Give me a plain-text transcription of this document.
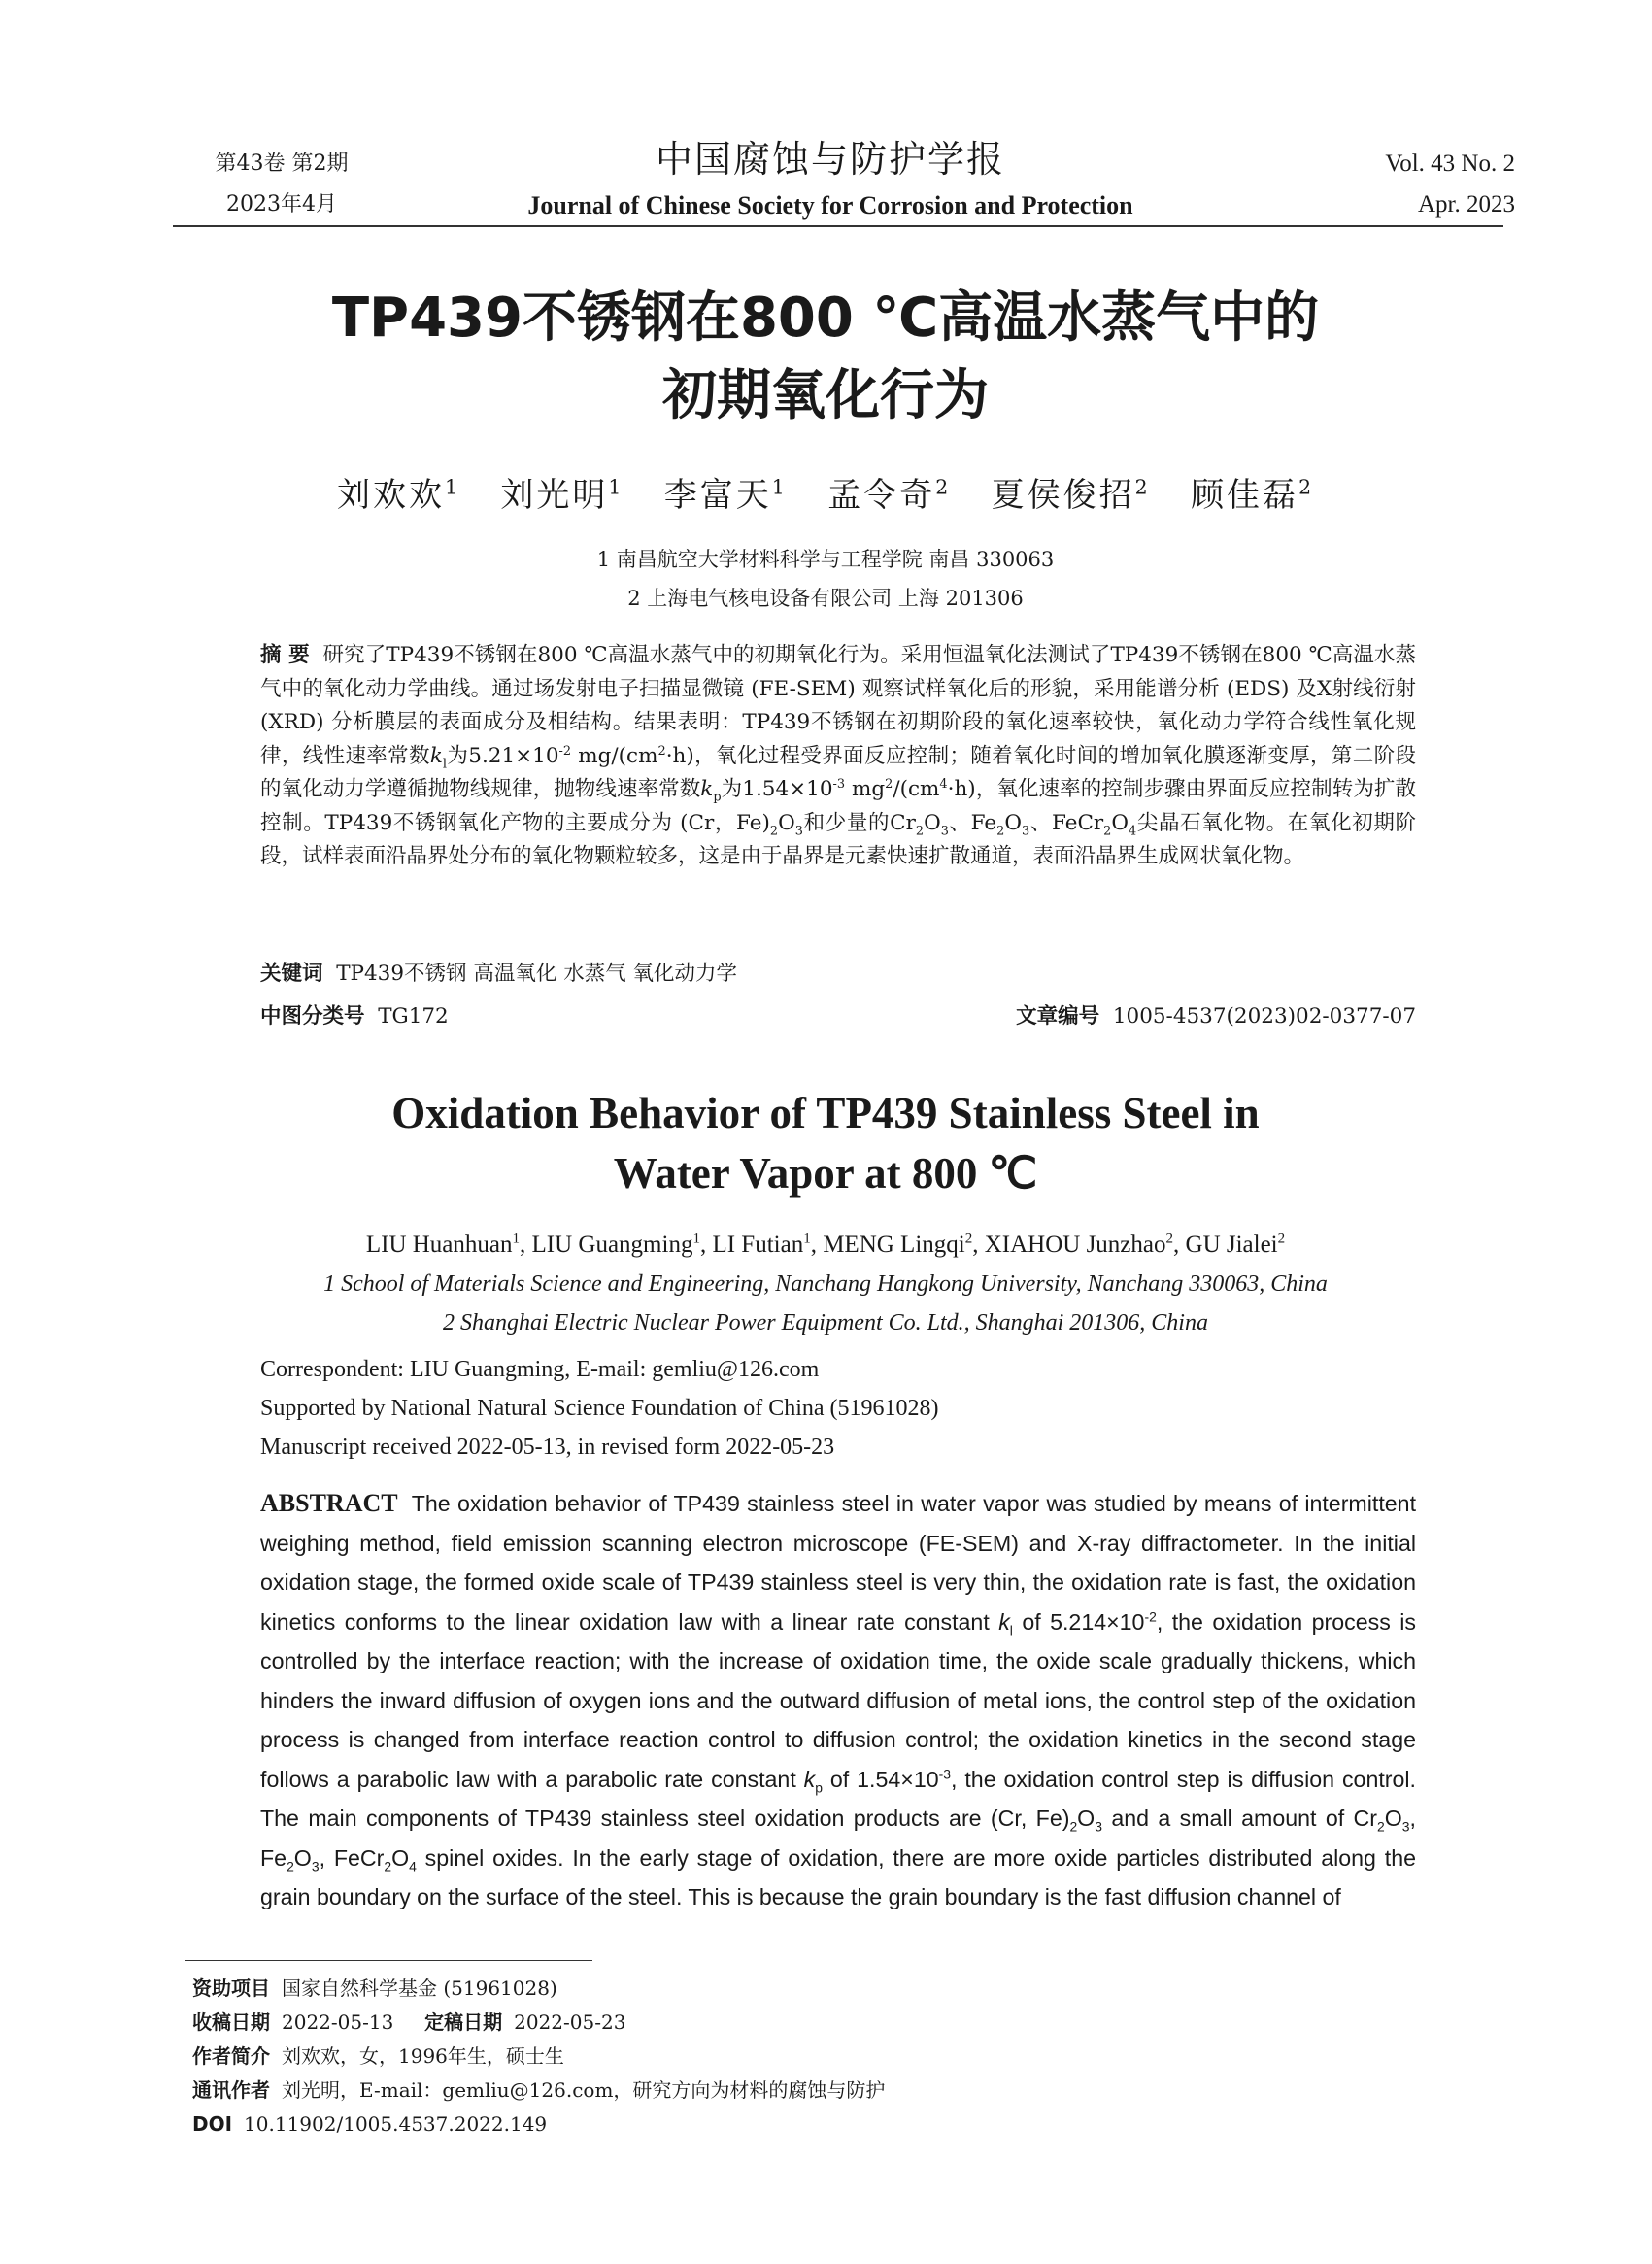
第43卷 第2期
2023年4月
中国腐蚀与防护学报
Journal of Chinese Society for Corrosion and Protection
Vol. 43 No. 2
Apr. 2023
TP439不锈钢在800 ℃高温水蒸气中的
初期氧化行为
刘欢欢$^1$ 刘光明$^1$ 李富天$^1$ 孟令奇$^2$ 夏侯俊招$^2$ 顾佳磊$^2$
1 南昌航空大学材料科学与工程学院 南昌 330063
2 上海电气核电设备有限公司 上海 201306
摘 要 研究了TP439不锈钢在800 ℃高温水蒸气中的初期氧化行为。采用恒温氧化法测试了TP439不锈钢在800 ℃高温水蒸气中的氧化动力学曲线。通过场发射电子扫描显微镜 (FE-SEM) 观察试样氧化后的形貌，采用能谱分析 (EDS) 及X射线衍射 (XRD) 分析膜层的表面成分及相结构。结果表明：TP439不锈钢在初期阶段的氧化速率较快，氧化动力学符合线性氧化规律，线性速率常数$k_l$为$5.21\times 10^{-2}$ $mg/(cm^2\cdot h)$，氧化过程受界面反应控制；随着氧化时间的增加氧化膜逐渐变厚，第二阶段的氧化动力学遵循抛物线规律，抛物线速率常数$k_p$为$1.54\times 10^{-3}$ $mg^2/(cm^4\cdot h)$，氧化速率的控制步骤由界面反应控制转为扩散控制。TP439不锈钢氧化产物的主要成分为 (Cr，$Fe)_2O_3$和少量的$Cr_2O_3$、$Fe_2O_3$、$FeCr_2O_4$尖晶石氧化物。在氧化初期阶段，试样表面沿晶界处分布的氧化物颗粒较多，这是由于晶界是元素快速扩散通道，表面沿晶界生成网状氧化物。
关键词 TP439不锈钢 高温氧化 水蒸气 氧化动力学
中图分类号 TG172	文章编号 1005-4537(2023)02-0377-07
Oxidation Behavior of TP439 Stainless Steel in
Water Vapor at 800 ℃
LIU Huanhuan$^1$, LIU Guangming$^1$, LI Futian$^1$, MENG Lingqi$^2$, XIAHOU Junzhao$^2$, GU Jialei$^2$
1 School of Materials Science and Engineering, Nanchang Hangkong University, Nanchang 330063, China
2 Shanghai Electric Nuclear Power Equipment Co. Ltd., Shanghai 201306, China
Correspondent: LIU Guangming, E-mail: gemliu@126.com
Supported by National Natural Science Foundation of China (51961028)
Manuscript received 2022-05-13, in revised form 2022-05-23
ABSTRACT The oxidation behavior of TP439 stainless steel in water vapor was studied by means of intermittent weighing method, field emission scanning electron microscope (FE-SEM) and X-ray diffractometer. In the initial oxidation stage, the formed oxide scale of TP439 stainless steel is very thin, the oxidation rate is fast, the oxidation kinetics conforms to the linear oxidation law with a linear rate constant $k_l$ of $5.214\times 10^{-2}$, the oxidation process is controlled by the interface reaction; with the increase of oxidation time, the oxide scale gradually thickens, which hinders the inward diffusion of oxygen ions and the outward diffusion of metal ions, the control step of the oxidation process is changed from interface reaction control to diffusion control; the oxidation kinetics in the second stage follows a parabolic law with a parabolic rate constant $k_p$ of $1.54\times 10^{-3}$, the oxidation control step is diffusion control. The main components of TP439 stainless steel oxidation products are (Cr, $Fe)_2O_3$ and a small amount of $Cr_2O_3$, $Fe_2O_3$, $FeCr_2O_4$ spinel oxides. In the early stage of oxidation, there are more oxide particles distributed along the grain boundary on the surface of the steel. This is because the grain boundary is the fast diffusion channel of
资助项目 国家自然科学基金 (51961028)
收稿日期 2022-05-13 定稿日期 2022-05-23
作者简介 刘欢欢，女，1996年生，硕士生
通讯作者 刘光明，E-mail：gemliu@126.com，研究方向为材料的腐蚀与防护
DOI 10.11902/1005.4537.2022.149
